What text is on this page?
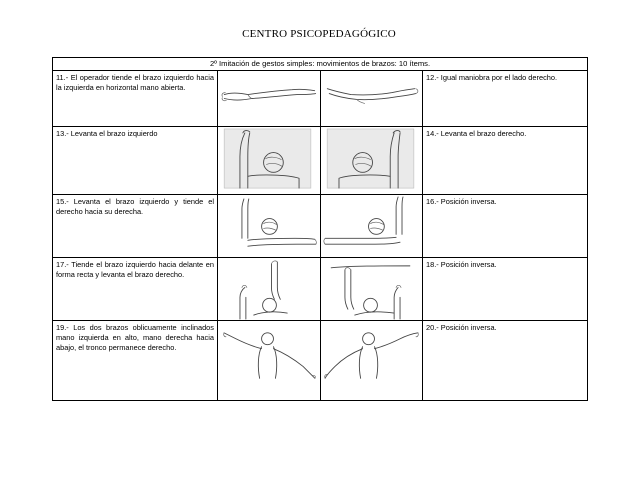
CENTRO PSICOPEDAGÓGICO
2º Imitación de gestos simples: movimientos de brazos: 10 ítems.			
11.- El operador tiende el brazo izquierdo hacia la izquierda en horizontal mano abierta.			12.- Igual maniobra por el lado derecho.
13.- Levanta el brazo izquierdo			14.- Levanta el brazo derecho.
15.- Levanta el brazo izquierdo y tiende el derecho hacia su derecha.			16.- Posición inversa.
17.- Tiende el brazo izquierdo hacia delante en forma recta y levanta el brazo derecho.			18.- Posición inversa.
19.- Los dos brazos oblicuamente inclinados mano izquierda en alto, mano derecha hacia abajo, el tronco permanece derecho.			20.- Posición inversa.
